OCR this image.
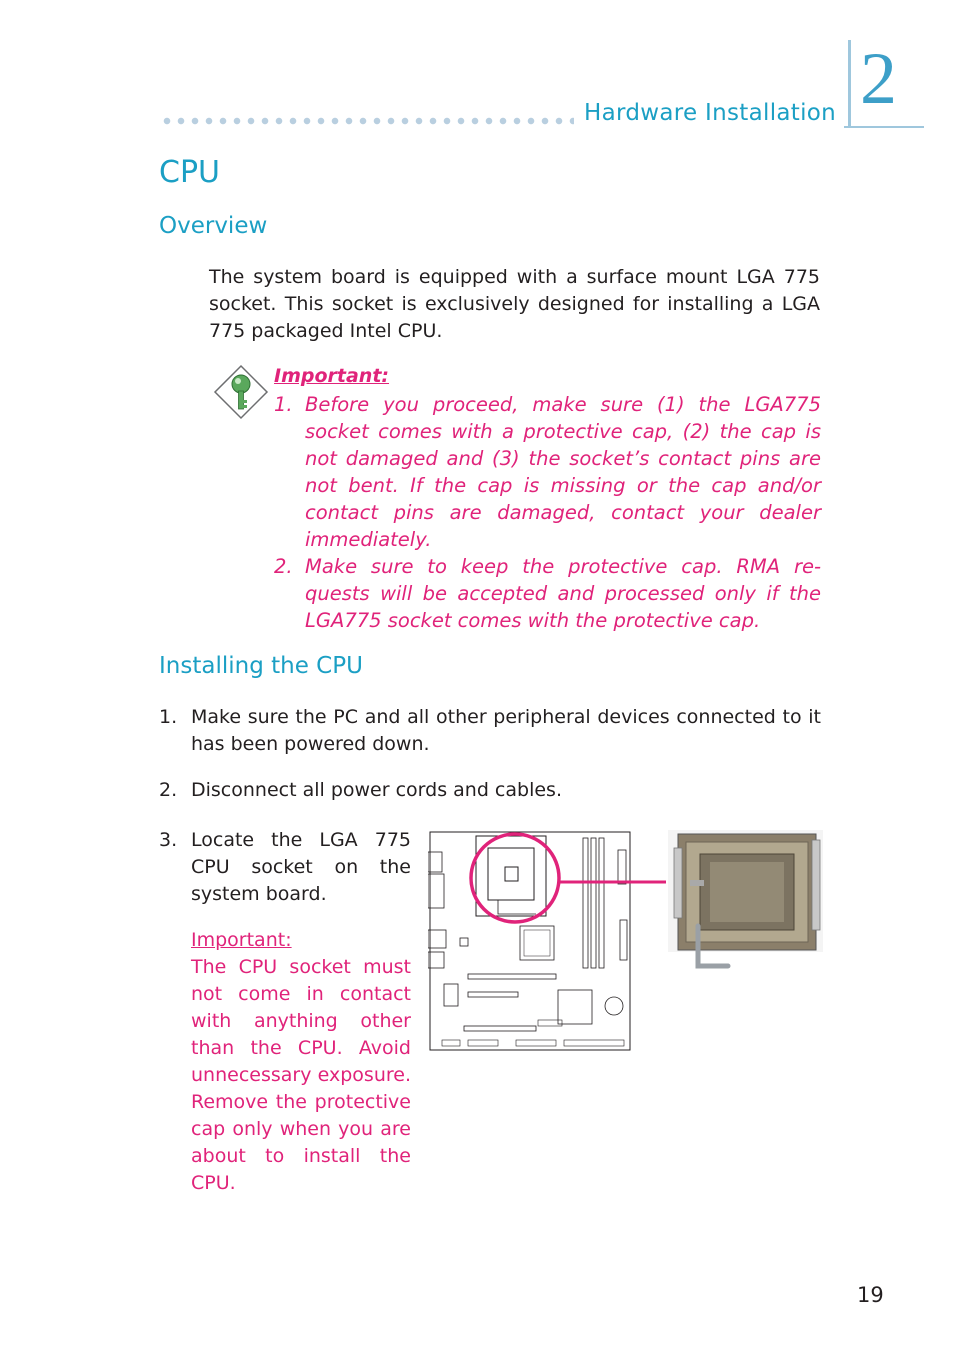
Hardware Installation 2
CPU
Overview
The system board is equipped with a surface mount LGA 775 socket. This socket is exclusively designed for installing a LGA 775 packaged Intel CPU.
Important:
1. Before you proceed, make sure (1) the LGA775 socket comes with a protective cap, (2) the cap is not damaged and (3) the socket’s contact pins are not bent. If the cap is missing or the cap and/or contact pins are damaged, contact your dealer immediately.
2. Make sure to keep the protective cap. RMA re-quests will be accepted and processed only if the LGA775 socket comes with the protective cap.
Installing the CPU
1. Make sure the PC and all other peripheral devices connected to it has been powered down.
2. Disconnect all power cords and cables.
3. Locate the LGA 775 CPU socket on the system board.
Important:
The CPU socket must not come in contact with anything other than the CPU. Avoid unnecessary exposure. Remove the protective cap only when you are about to install the CPU.
19
